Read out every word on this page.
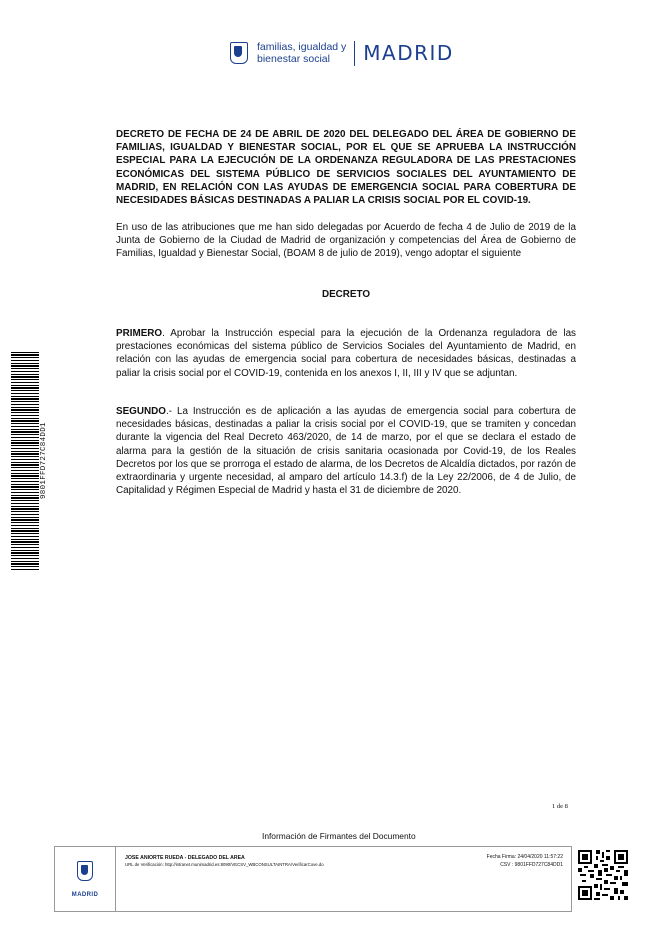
familias, igualdad y
bienestar social	MADRID
DECRETO DE FECHA DE 24 DE ABRIL DE 2020 DEL DELEGADO DEL ÁREA DE GOBIERNO DE FAMILIAS, IGUALDAD Y BIENESTAR SOCIAL, POR EL QUE SE APRUEBA LA INSTRUCCIÓN ESPECIAL PARA LA EJECUCIÓN DE LA ORDENANZA REGULADORA DE LAS PRESTACIONES ECONÓMICAS DEL SISTEMA PÚBLICO DE SERVICIOS SOCIALES DEL AYUNTAMIENTO DE MADRID, EN RELACIÓN CON LAS AYUDAS DE EMERGENCIA SOCIAL PARA COBERTURA DE NECESIDADES BÁSICAS DESTINADAS A PALIAR LA CRISIS SOCIAL POR EL COVID-19.
En uso de las atribuciones que me han sido delegadas por Acuerdo de fecha 4 de Julio de 2019 de la Junta de Gobierno de la Ciudad de Madrid de organización y competencias del Área de Gobierno de Familias, Igualdad y Bienestar Social, (BOAM 8 de julio de 2019), vengo adoptar el siguiente
DECRETO
PRIMERO. Aprobar la Instrucción especial para la ejecución de la Ordenanza reguladora de las prestaciones económicas del sistema público de Servicios Sociales del Ayuntamiento de Madrid, en relación con las ayudas de emergencia social para cobertura de necesidades básicas, destinadas a paliar la crisis social por el COVID-19, contenida en los anexos I, II, III y IV que se adjuntan.
SEGUNDO.- La Instrucción es de aplicación a las ayudas de emergencia social para cobertura de necesidades básicas, destinadas a paliar la crisis social por el COVID-19, que se tramiten y concedan durante la vigencia del Real Decreto 463/2020, de 14 de marzo, por el que se declara el estado de alarma para la gestión de la situación de crisis sanitaria ocasionada por Covid-19, de los Reales Decretos por los que se prorroga el estado de alarma, de los Decretos de Alcaldía dictados, por razón de extraordinaria y urgente necesidad, al amparo del artículo 14.3.f) de la Ley 22/2006, de 4 de Julio, de Capitalidad y Régimen Especial de Madrid y hasta el 31 de diciembre de 2020.
9801FFD727C84DD1
1 de 8
Información de Firmantes del Documento
MADRID
JOSE ANIORTE RUEDA - DELEGADO DEL AREA
URL de Verificación: http://intranet.munimadrid.es:8090/VECSV_WBCONSULTAINTRA/VerificarCove.do
Fecha Firma: 24/04/2020 11:57:22
CSV : 9801FFD727C84DD1
